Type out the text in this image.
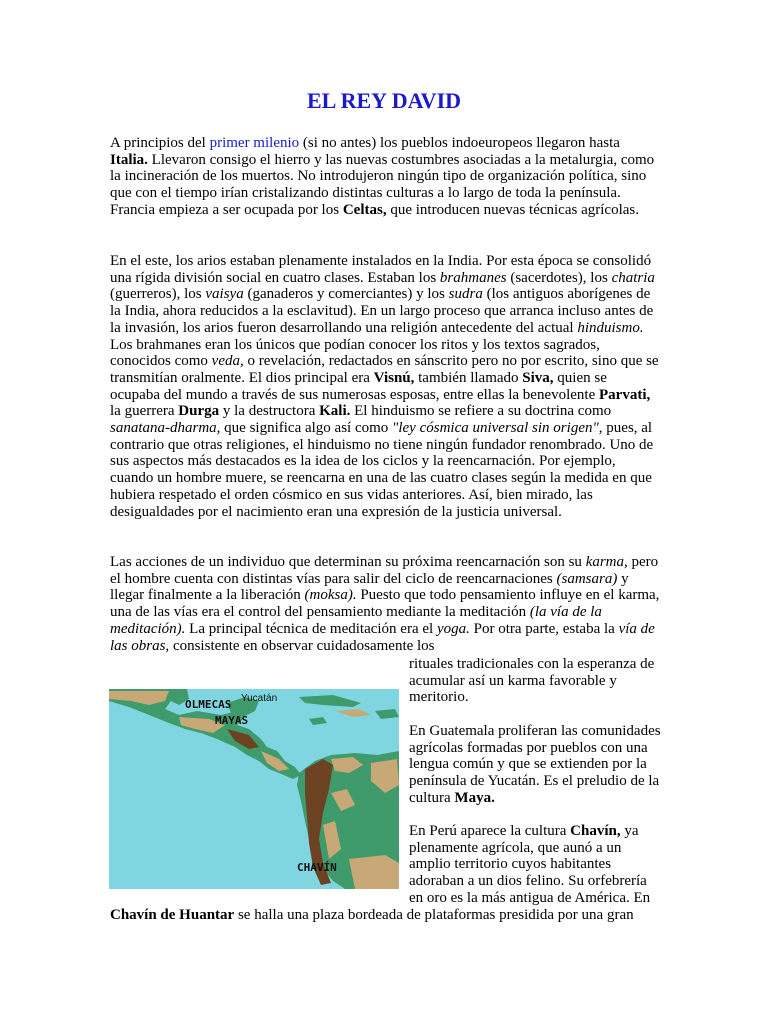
EL REY DAVID

A principios del primer milenio (si no antes) los pueblos indoeuropeos llegaron hasta Italia. Llevaron consigo el hierro y las nuevas costumbres asociadas a la metalurgia, como la incineración de los muertos. No introdujeron ningún tipo de organización política, sino que con el tiempo irían cristalizando distintas culturas a lo largo de toda la península. Francia empieza a ser ocupada por los Celtas, que introducen nuevas técnicas agrícolas.

En el este, los arios estaban plenamente instalados en la India. Por esta época se consolidó una rígida división social en cuatro clases. Estaban los brahmanes (sacerdotes), los chatria (guerreros), los vaisya (ganaderos y comerciantes) y los sudra (los antiguos aborígenes de la India, ahora reducidos a la esclavitud). En un largo proceso que arranca incluso antes de la invasión, los arios fueron desarrollando una religión antecedente del actual hinduismo. Los brahmanes eran los únicos que podían conocer los ritos y los textos sagrados, conocidos como veda, o revelación, redactados en sánscrito pero no por escrito, sino que se transmitían oralmente. El dios principal era Visnú, también llamado Siva, quien se ocupaba del mundo a través de sus numerosas esposas, entre ellas la benevolente Parvati, la guerrera Durga y la destructora Kali. El hinduismo se refiere a su doctrina como sanatana-dharma, que significa algo así como "ley cósmica universal sin origen", pues, al contrario que otras religiones, el hinduismo no tiene ningún fundador renombrado. Uno de sus aspectos más destacados es la idea de los ciclos y la reencarnación. Por ejemplo, cuando un hombre muere, se reencarna en una de las cuatro clases según la medida en que hubiera respetado el orden cósmico en sus vidas anteriores. Así, bien mirado, las desigualdades por el nacimiento eran una expresión de la justicia universal.

Las acciones de un individuo que determinan su próxima reencarnación son su karma, pero el hombre cuenta con distintas vías para salir del ciclo de reencarnaciones (samsara) y llegar finalmente a la liberación (moksa). Puesto que todo pensamiento influye en el karma, una de las vías era el control del pensamiento mediante la meditación (la vía de la meditación). La principal técnica de meditación era el yoga. Por otra parte, estaba la vía de las obras, consistente en observar cuidadosamente los

rituales tradicionales con la esperanza de acumular así un karma favorable y meritorio.

En Guatemala proliferan las comunidades agrícolas formadas por pueblos con una lengua común y que se extienden por la península de Yucatán. Es el preludio de la cultura Maya.

En Perú aparece la cultura Chavín, ya plenamente agrícola, que aunó a un amplio territorio cuyos habitantes adoraban a un dios felino. Su orfebrería en oro es la más antigua de América. En

Chavín de Huantar se halla una plaza bordeada de plataformas presidida por una gran

OLMECAS Yucatán
MAYAS
CHAVÍN
